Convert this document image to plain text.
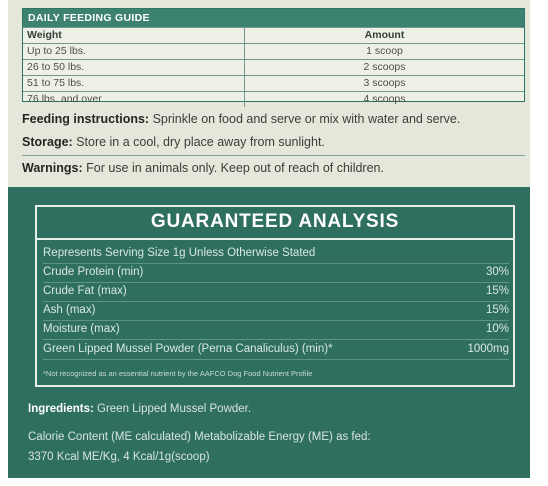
DAILY FEEDING GUIDE
Weight	Amount
Up to 25 lbs.	1 scoop
26 to 50 lbs.	2 scoops
51 to 75 lbs.	3 scoops
76 lbs. and over	4 scoops
Feeding instructions: Sprinkle on food and serve or mix with water and serve.
Storage: Store in a cool, dry place away from sunlight.
Warnings: For use in animals only. Keep out of reach of children.
GUARANTEED ANALYSIS
Represents Serving Size 1g Unless Otherwise Stated
Crude Protein (min)	30%
Crude Fat (max)	15%
Ash (max)	15%
Moisture (max)	10%
Green Lipped Mussel Powder (Perna Canaliculus) (min)*	1000mg
*Not recognized as an essential nutrient by the AAFCO Dog Food Nutrient Profile
Ingredients: Green Lipped Mussel Powder.
Calorie Content (ME calculated) Metabolizable Energy (ME) as fed:
3370 Kcal ME/Kg, 4 Kcal/1g(scoop)
